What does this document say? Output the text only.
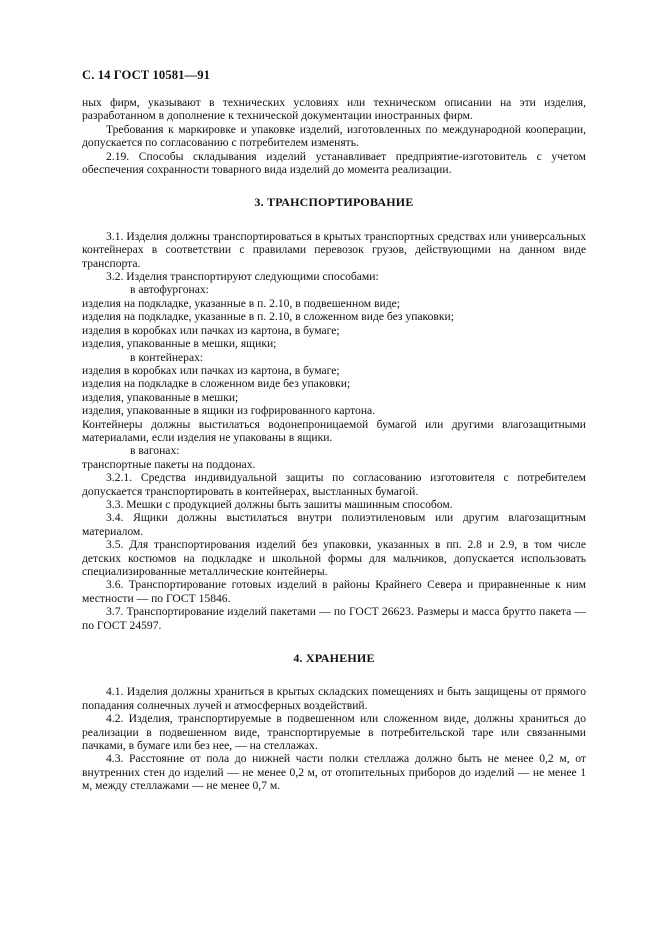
С. 14 ГОСТ 10581—91

ных фирм, указывают в технических условиях или техническом описании на эти изделия, разработанном в дополнение к технической документации иностранных фирм.

Требования к маркировке и упаковке изделий, изготовленных по международной кооперации, допускается по согласованию с потребителем изменять.

2.19. Способы складывания изделий устанавливает предприятие-изготовитель с учетом обеспечения сохранности товарного вида изделий до момента реализации.

3. ТРАНСПОРТИРОВАНИЕ

3.1. Изделия должны транспортироваться в крытых транспортных средствах или универсальных контейнерах в соответствии с правилами перевозок грузов, действующими на данном виде транспорта.

3.2. Изделия транспортируют следующими способами:

в автофургонах:

изделия на подкладке, указанные в п. 2.10, в подвешенном виде;

изделия на подкладке, указанные в п. 2.10, в сложенном виде без упаковки;

изделия в коробках или пачках из картона, в бумаге;

изделия, упакованные в мешки, ящики;

в контейнерах:

изделия в коробках или пачках из картона, в бумаге;

изделия на подкладке в сложенном виде без упаковки;

изделия, упакованные в мешки;

изделия, упакованные в ящики из гофрированного картона.

Контейнеры должны выстилаться водонепроницаемой бумагой или другими влагозащитными материалами, если изделия не упакованы в ящики.

в вагонах:

транспортные пакеты на поддонах.

3.2.1. Средства индивидуальной защиты по согласованию изготовителя с потребителем допускается транспортировать в контейнерах, выстланных бумагой.

3.3. Мешки с продукцией должны быть зашиты машинным способом.

3.4. Ящики должны выстилаться внутри полиэтиленовым или другим влагозащитным материалом.

3.5. Для транспортирования изделий без упаковки, указанных в пп. 2.8 и 2.9, в том числе детских костюмов на подкладке и школьной формы для мальчиков, допускается использовать специализированные металлические контейнеры.

3.6. Транспортирование готовых изделий в районы Крайнего Севера и приравненные к ним местности — по ГОСТ 15846.

3.7. Транспортирование изделий пакетами — по ГОСТ 26623. Размеры и масса брутто пакета — по ГОСТ 24597.

4. ХРАНЕНИЕ

4.1. Изделия должны храниться в крытых складских помещениях и быть защищены от прямого попадания солнечных лучей и атмосферных воздействий.

4.2. Изделия, транспортируемые в подвешенном или сложенном виде, должны храниться до реализации в подвешенном виде, транспортируемые в потребительской таре или связанными пачками, в бумаге или без нее, — на стеллажах.

4.3. Расстояние от пола до нижней части полки стеллажа должно быть не менее 0,2 м, от внутренних стен до изделий — не менее 0,2 м, от отопительных приборов до изделий — не менее 1 м, между стеллажами — не менее 0,7 м.
